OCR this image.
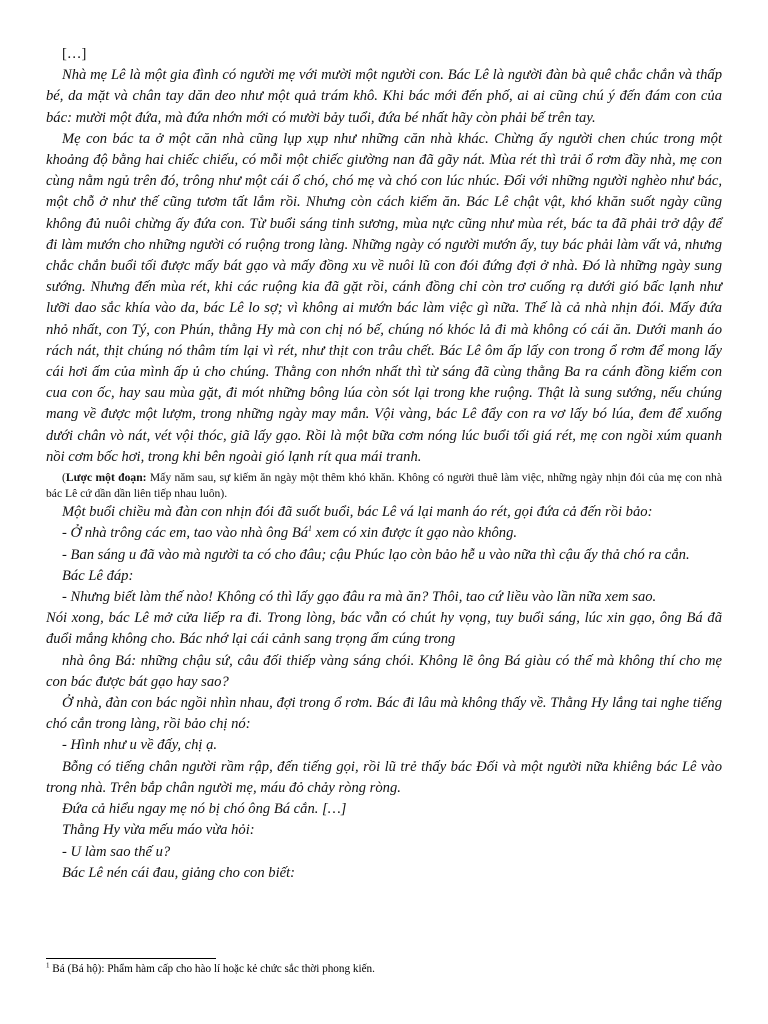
[…]

Nhà mẹ Lê là một gia đình có người mẹ với mười một người con. Bác Lê là người đàn bà quê chắc chắn và thấp bé, da mặt và chân tay dăn deo như một quả trám khô. Khi bác mới đến phố, ai ai cũng chú ý đến đám con của bác: mười một đứa, mà đứa nhớn mới có mười bảy tuổi, đứa bé nhất hãy còn phải bế trên tay.

Mẹ con bác ta ở một căn nhà cũng lụp xụp như những căn nhà khác. Chừng ấy người chen chúc trong một khoảng độ bằng hai chiếc chiếu, có mỗi một chiếc giường nan đã gãy nát. Mùa rét thì trải ổ rơm đầy nhà, mẹ con cùng nằm ngủ trên đó, trông như một cái ổ chó, chó mẹ và chó con lúc nhúc. Đối với những người nghèo như bác, một chỗ ở như thế cũng tươm tất lắm rồi. Nhưng còn cách kiếm ăn. Bác Lê chật vật, khó khăn suốt ngày cũng không đủ nuôi chừng ấy đứa con. Từ buổi sáng tinh sương, mùa nực cũng như mùa rét, bác ta đã phải trở dậy để đi làm mướn cho những người có ruộng trong làng. Những ngày có người mướn ấy, tuy bác phải làm vất vả, nhưng chắc chắn buổi tối được mấy bát gạo và mấy đồng xu về nuôi lũ con đói đứng đợi ở nhà. Đó là những ngày sung sướng. Nhưng đến mùa rét, khi các ruộng kia đã gặt rồi, cánh đồng chỉ còn trơ cuống rạ dưới gió bấc lạnh như lưỡi dao sắc khía vào da, bác Lê lo sợ; vì không ai mướn bác làm việc gì nữa. Thế là cả nhà nhịn đói. Mấy đứa nhỏ nhất, con Tý, con Phún, thằng Hy mà con chị nó bế, chúng nó khóc lả đi mà không có cái ăn. Dưới manh áo rách nát, thịt chúng nó thâm tím lại vì rét, như thịt con trâu chết. Bác Lê ôm ấp lấy con trong ổ rơm để mong lấy cái hơi ấm của mình ấp ủ cho chúng. Thằng con nhớn nhất thì từ sáng đã cùng thằng Ba ra cánh đồng kiếm con cua con ốc, hay sau mùa gặt, đi mót những bông lúa còn sót lại trong khe ruộng. Thật là sung sướng, nếu chúng mang về được một lượm, trong những ngày may mắn. Vội vàng, bác Lê đẩy con ra vơ lấy bó lúa, đem để xuống dưới chân vò nát, vét vội thóc, giã lấy gạo. Rồi là một bữa cơm nóng lúc buổi tối giá rét, mẹ con ngồi xúm quanh nồi cơm bốc hơi, trong khi bên ngoài gió lạnh rít qua mái tranh.

(Lược một đoạn: Mấy năm sau, sự kiếm ăn ngày một thêm khó khăn. Không có người thuê làm việc, những ngày nhịn đói của mẹ con nhà bác Lê cứ dần dần liên tiếp nhau luôn).

Một buổi chiều mà đàn con nhịn đói đã suốt buổi, bác Lê vá lại manh áo rét, gọi đứa cả đến rồi bảo:

- Ở nhà trông các em, tao vào nhà ông $Bá^1$ xem có xin được ít gạo nào không.

- Ban sáng u đã vào mà người ta có cho đâu; cậu Phúc lạo còn bảo hễ u vào nữa thì cậu ấy thả chó ra cắn.

Bác Lê đáp:

- Nhưng biết làm thế nào! Không có thì lấy gạo đâu ra mà ăn? Thôi, tao cứ liều vào lần nữa xem sao.

Nói xong, bác Lê mở cửa liếp ra đi. Trong lòng, bác vẫn có chút hy vọng, tuy buổi sáng, lúc xin gạo, ông Bá đã đuổi mắng không cho. Bác nhớ lại cái cảnh sang trọng ấm cúng trong

nhà ông Bá: những chậu sứ, câu đối thiếp vàng sáng chói. Không lẽ ông Bá giàu có thế mà không thí cho mẹ con bác được bát gạo hay sao?

Ở nhà, đàn con bác ngồi nhìn nhau, đợi trong ổ rơm. Bác đi lâu mà không thấy về. Thằng Hy lắng tai nghe tiếng chó cắn trong làng, rồi bảo chị nó:

- Hình như u về đấy, chị ạ.

Bỗng có tiếng chân người rầm rập, đến tiếng gọi, rồi lũ trẻ thấy bác Đối và một người nữa khiêng bác Lê vào trong nhà. Trên bắp chân người mẹ, máu đỏ chảy ròng ròng.

Đứa cả hiểu ngay mẹ nó bị chó ông Bá cắn. […]

Thằng Hy vừa mếu máo vừa hỏi:

- U làm sao thế u?

Bác Lê nén cái đau, giảng cho con biết:

$^1$ Bá (Bá hộ): Phẩm hàm cấp cho hào lí hoặc kẻ chức sắc thời phong kiến.
